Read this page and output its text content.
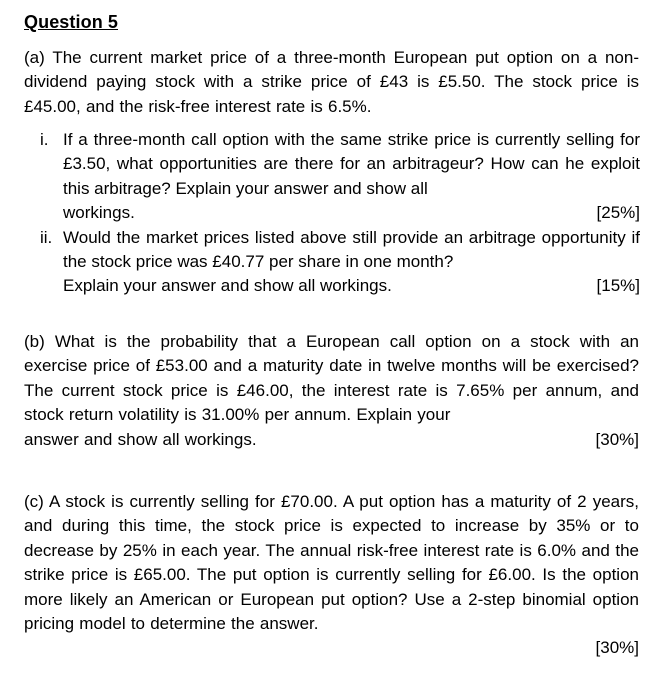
Question 5
(a) The current market price of a three-month European put option on a non-dividend paying stock with a strike price of £43 is £5.50. The stock price is £45.00, and the risk-free interest rate is 6.5%.
i. If a three-month call option with the same strike price is currently selling for £3.50, what opportunities are there for an arbitrageur? How can he exploit this arbitrage? Explain your answer and show all
workings.	[25%]
ii. Would the market prices listed above still provide an arbitrage opportunity if the stock price was £40.77 per share in one month?
Explain your answer and show all workings.	[15%]
(b) What is the probability that a European call option on a stock with an exercise price of £53.00 and a maturity date in twelve months will be exercised? The current stock price is £46.00, the interest rate is 7.65% per annum, and stock return volatility is 31.00% per annum. Explain your
answer and show all workings.	[30%]
(c) A stock is currently selling for £70.00. A put option has a maturity of 2 years, and during this time, the stock price is expected to increase by 35% or to decrease by 25% in each year. The annual risk-free interest rate is 6.0% and the strike price is £65.00. The put option is currently selling for £6.00. Is the option more likely an American or European put option? Use a 2-step binomial option pricing model to determine the answer.
[30%]
